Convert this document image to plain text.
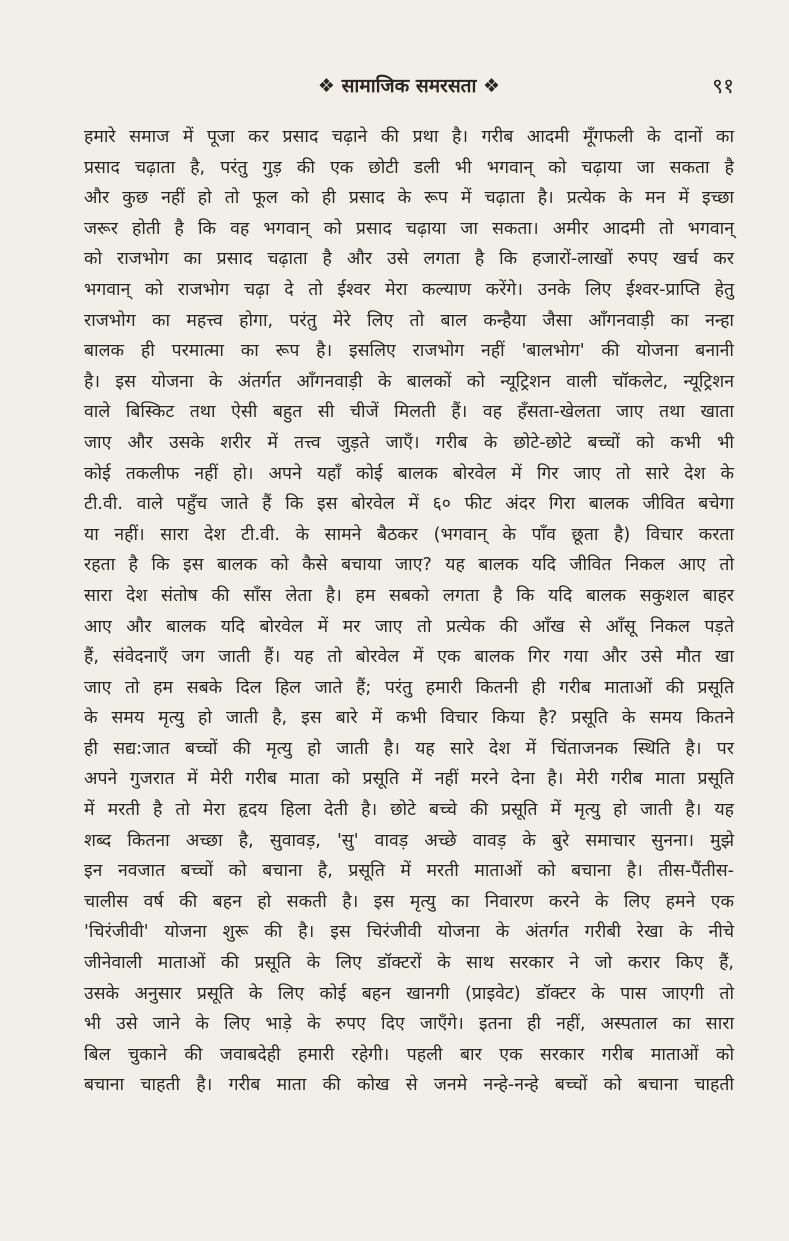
❖ सामाजिक समरसता ❖	९१
हमारे समाज में पूजा कर प्रसाद चढ़ाने की प्रथा है। गरीब आदमी मूँगफली के दानों का
प्रसाद चढ़ाता है, परंतु गुड़ की एक छोटी डली भी भगवान् को चढ़ाया जा सकता है
और कुछ नहीं हो तो फूल को ही प्रसाद के रूप में चढ़ाता है। प्रत्येक के मन में इच्छा
जरूर होती है कि वह भगवान् को प्रसाद चढ़ाया जा सकता। अमीर आदमी तो भगवान्
को राजभोग का प्रसाद चढ़ाता है और उसे लगता है कि हजारों-लाखों रुपए खर्च कर
भगवान् को राजभोग चढ़ा दे तो ईश्वर मेरा कल्याण करेंगे। उनके लिए ईश्वर-प्राप्ति हेतु
राजभोग का महत्त्व होगा, परंतु मेरे लिए तो बाल कन्हैया जैसा आँगनवाड़ी का नन्हा
बालक ही परमात्मा का रूप है। इसलिए राजभोग नहीं 'बालभोग' की योजना बनानी
है। इस योजना के अंतर्गत आँगनवाड़ी के बालकों को न्यूट्रिशन वाली चॉकलेट, न्यूट्रिशन
वाले बिस्किट तथा ऐसी बहुत सी चीजें मिलती हैं। वह हँसता-खेलता जाए तथा खाता
जाए और उसके शरीर में तत्त्व जुड़ते जाएँ। गरीब के छोटे-छोटे बच्चों को कभी भी
कोई तकलीफ नहीं हो। अपने यहाँ कोई बालक बोरवेल में गिर जाए तो सारे देश के
टी.वी. वाले पहुँच जाते हैं कि इस बोरवेल में ६० फीट अंदर गिरा बालक जीवित बचेगा
या नहीं। सारा देश टी.वी. के सामने बैठकर (भगवान् के पाँव छूता है) विचार करता
रहता है कि इस बालक को कैसे बचाया जाए? यह बालक यदि जीवित निकल आए तो
सारा देश संतोष की साँस लेता है। हम सबको लगता है कि यदि बालक सकुशल बाहर
आए और बालक यदि बोरवेल में मर जाए तो प्रत्येक की आँख से आँसू निकल पड़ते
हैं, संवेदनाएँ जग जाती हैं। यह तो बोरवेल में एक बालक गिर गया और उसे मौत खा
जाए तो हम सबके दिल हिल जाते हैं; परंतु हमारी कितनी ही गरीब माताओं की प्रसूति
के समय मृत्यु हो जाती है, इस बारे में कभी विचार किया है? प्रसूति के समय कितने
ही सद्य:जात बच्चों की मृत्यु हो जाती है। यह सारे देश में चिंताजनक स्थिति है। पर
अपने गुजरात में मेरी गरीब माता को प्रसूति में नहीं मरने देना है। मेरी गरीब माता प्रसूति
में मरती है तो मेरा हृदय हिला देती है। छोटे बच्चे की प्रसूति में मृत्यु हो जाती है। यह
शब्द कितना अच्छा है, सुवावड़, 'सु' वावड़ अच्छे वावड़ के बुरे समाचार सुनना। मुझे
इन नवजात बच्चों को बचाना है, प्रसूति में मरती माताओं को बचाना है। तीस-पैंतीस-
चालीस वर्ष की बहन हो सकती है। इस मृत्यु का निवारण करने के लिए हमने एक
'चिरंजीवी' योजना शुरू की है। इस चिरंजीवी योजना के अंतर्गत गरीबी रेखा के नीचे
जीनेवाली माताओं की प्रसूति के लिए डॉक्टरों के साथ सरकार ने जो करार किए हैं,
उसके अनुसार प्रसूति के लिए कोई बहन खानगी (प्राइवेट) डॉक्टर के पास जाएगी तो
भी उसे जाने के लिए भाड़े के रुपए दिए जाएँगे। इतना ही नहीं, अस्पताल का सारा
बिल चुकाने की जवाबदेही हमारी रहेगी। पहली बार एक सरकार गरीब माताओं को
बचाना चाहती है। गरीब माता की कोख से जनमे नन्हे-नन्हे बच्चों को बचाना चाहती
